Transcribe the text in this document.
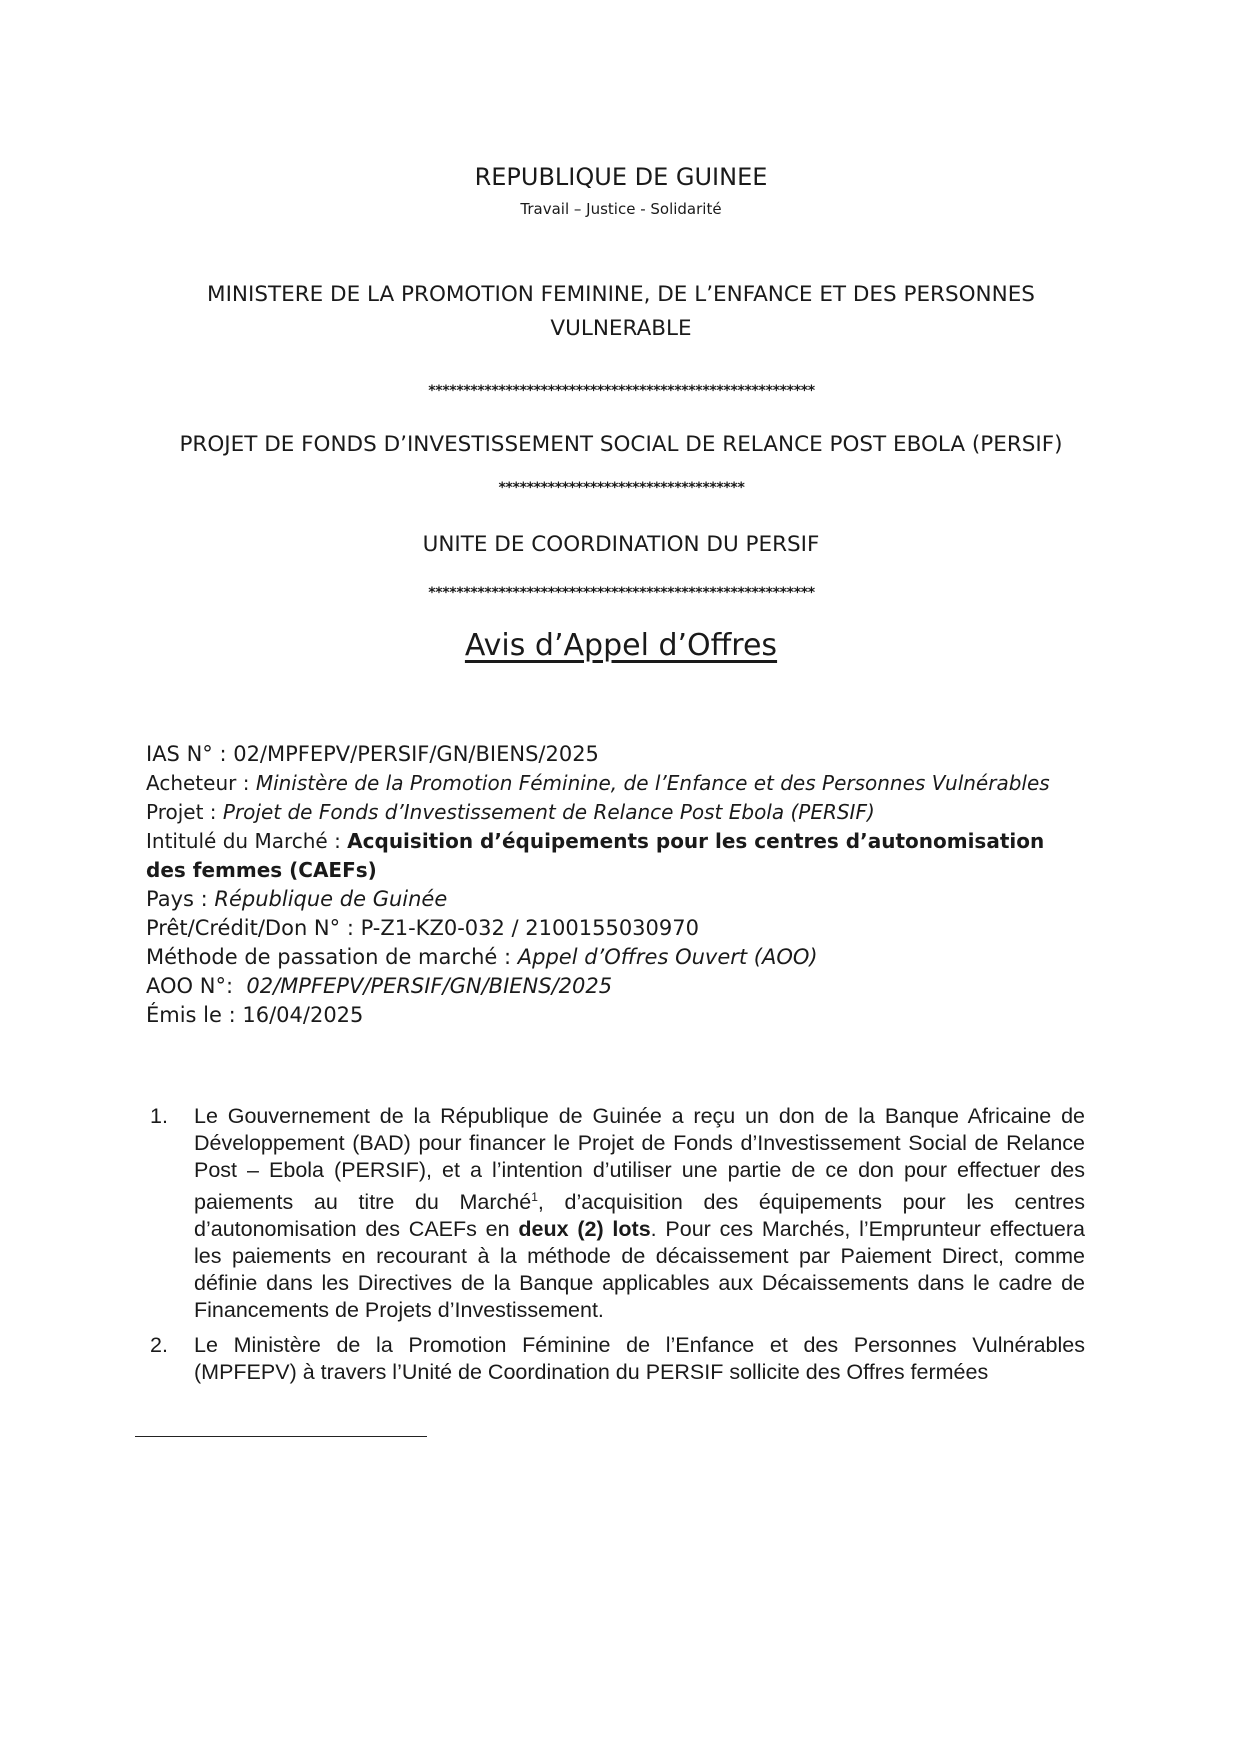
REPUBLIQUE DE GUINEE
Travail – Justice - Solidarité
MINISTERE DE LA PROMOTION FEMININE, DE L’ENFANCE ET DES PERSONNES
VULNERABLE
*******************************************************
PROJET DE FONDS D’INVESTISSEMENT SOCIAL DE RELANCE POST EBOLA (PERSIF)
***********************************
UNITE DE COORDINATION DU PERSIF
*******************************************************
Avis d’Appel d’Offres
IAS N° : 02/MPFEPV/PERSIF/GN/BIENS/2025
Acheteur : Ministère de la Promotion Féminine, de l’Enfance et des Personnes Vulnérables
Projet : Projet de Fonds d’Investissement de Relance Post Ebola (PERSIF)
Intitulé du Marché : Acquisition d’équipements pour les centres d’autonomisation
des femmes (CAEFs)
Pays : République de Guinée
Prêt/Crédit/Don N° : P-Z1-KZ0-032 / 2100155030970
Méthode de passation de marché : Appel d’Offres Ouvert (AOO)
AOO N°:  02/MPFEPV/PERSIF/GN/BIENS/2025
Émis le : 16/04/2025
1.	Le Gouvernement de la République de Guinée a reçu un don de la Banque Africaine de Développement (BAD) pour financer le Projet de Fonds d’Investissement Social de Relance Post – Ebola (PERSIF), et a l’intention d’utiliser une partie de ce don pour effectuer des paiements au titre du Marché$^1$, d’acquisition des équipements pour les centres d’autonomisation des CAEFs en deux (2) lots. Pour ces Marchés, l’Emprunteur effectuera les paiements en recourant à la méthode de décaissement par Paiement Direct, comme définie dans les Directives de la Banque applicables aux Décaissements dans le cadre de Financements de Projets d’Investissement.
2.	Le Ministère de la Promotion Féminine de l’Enfance et des Personnes Vulnérables (MPFEPV) à travers l’Unité de Coordination du PERSIF sollicite des Offres fermées
